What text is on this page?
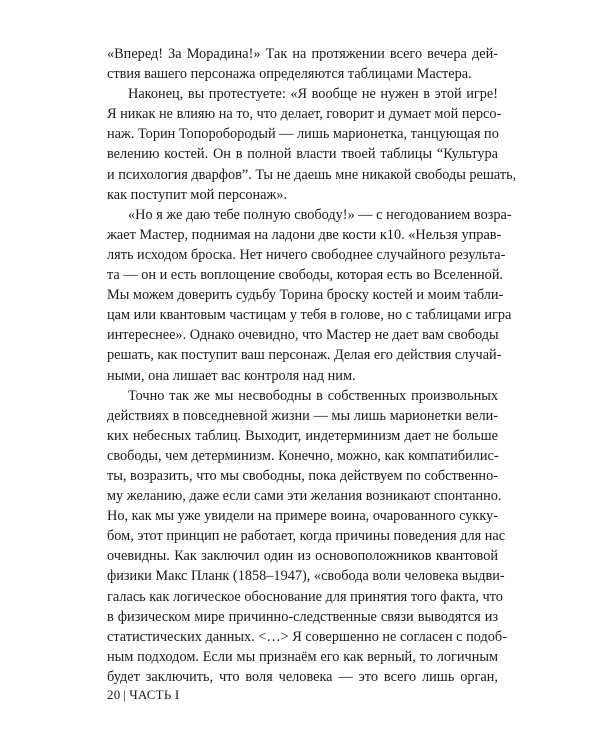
«Вперед! За Морадина!» Так на протяжении всего вечера дей-
ствия вашего персонажа определяются таблицами Мастера.
Наконец, вы протестуете: «Я вообще не нужен в этой игре!
Я никак не влияю на то, что делает, говорит и думает мой персо-
наж. Торин Топоробородый — лишь марионетка, танцующая по
велению костей. Он в полной власти твоей таблицы “Культура
и психология дварфов”. Ты не даешь мне никакой свободы решать,
как поступит мой персонаж».
«Но я же даю тебе полную свободу!» — с негодованием возра-
жает Мастер, поднимая на ладони две кости к10. «Нельзя управ-
лять исходом броска. Нет ничего свободнее случайного результа-
та — он и есть воплощение свободы, которая есть во Вселенной.
Мы можем доверить судьбу Торина броску костей и моим табли-
цам или квантовым частицам у тебя в голове, но с таблицами игра
интереснее». Однако очевидно, что Мастер не дает вам свободы
решать, как поступит ваш персонаж. Делая его действия случай-
ными, она лишает вас контроля над ним.
Точно так же мы несвободны в собственных произвольных
действиях в повседневной жизни — мы лишь марионетки вели-
ких небесных таблиц. Выходит, индетерминизм дает не больше
свободы, чем детерминизм. Конечно, можно, как компатибилис-
ты, возразить, что мы свободны, пока действуем по собственно-
му желанию, даже если сами эти желания возникают спонтанно.
Но, как мы уже увидели на примере воина, очарованного сукку-
бом, этот принцип не работает, когда причины поведения для нас
очевидны. Как заключил один из основоположников квантовой
физики Макс Планк (1858–1947), «свобода воли человека выдви-
галась как логическое обоснование для принятия того факта, что
в физическом мире причинно-следственные связи выводятся из
статистических данных. <…> Я совершенно не согласен с подоб-
ным подходом. Если мы признаём его как верный, то логичным
будет заключить, что воля человека — это всего лишь орган,
20 | ЧАСТЬ I
